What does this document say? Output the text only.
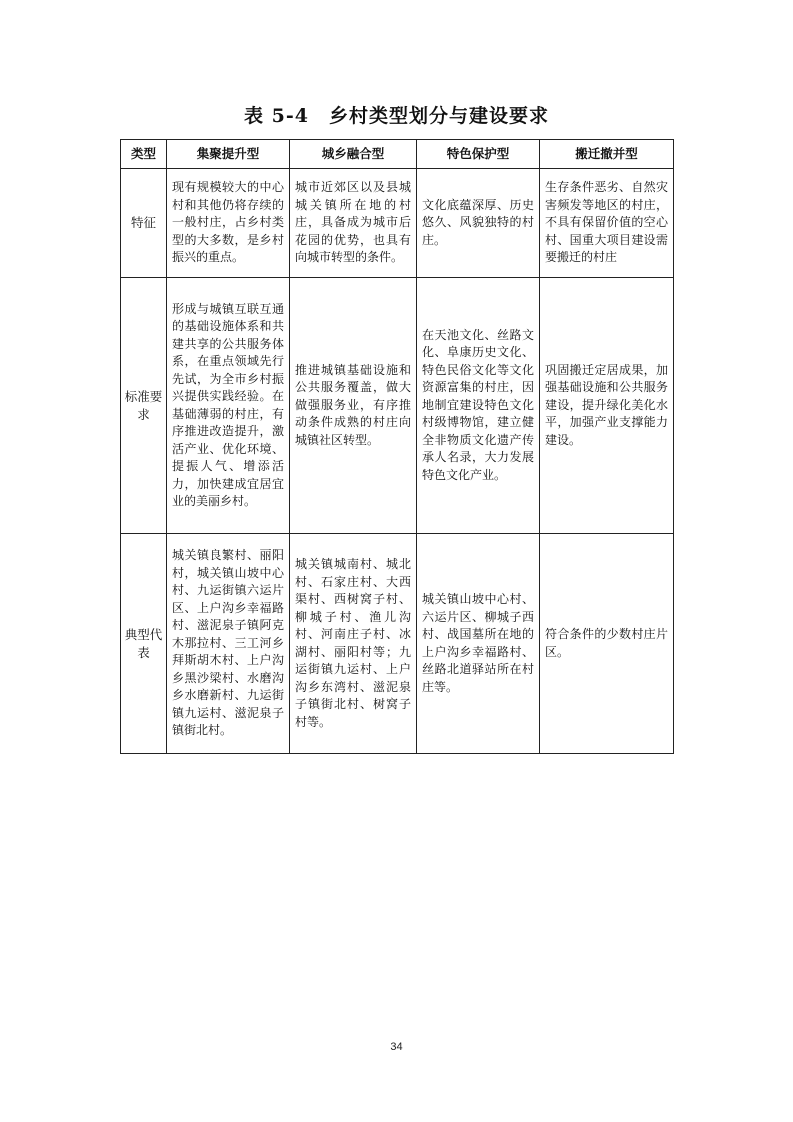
表 5-4　乡村类型划分与建设要求
类型	集聚提升型	城乡融合型	特色保护型	搬迁撤并型
特征	现有规模较大的中心村和其他仍将存续的一般村庄，占乡村类型的大多数，是乡村振兴的重点。	城市近郊区以及县城城关镇所在地的村庄，具备成为城市后花园的优势，也具有向城市转型的条件。	文化底蕴深厚、历史悠久、风貌独特的村庄。	生存条件恶劣、自然灾害频发等地区的村庄，不具有保留价值的空心村、国重大项目建设需要搬迁的村庄
标准要求	形成与城镇互联互通的基础设施体系和共建共享的公共服务体系，在重点领域先行先试，为全市乡村振兴提供实践经验。在基础薄弱的村庄，有序推进改造提升，激活产业、优化环境、提振人气、增添活力，加快建成宜居宜业的美丽乡村。	推进城镇基础设施和公共服务覆盖，做大做强服务业，有序推动条件成熟的村庄向城镇社区转型。	在天池文化、丝路文化、阜康历史文化、特色民俗文化等文化资源富集的村庄，因地制宜建设特色文化村级博物馆，建立健全非物质文化遗产传承人名录，大力发展特色文化产业。	巩固搬迁定居成果，加强基础设施和公共服务建设，提升绿化美化水平，加强产业支撑能力建设。
典型代表	城关镇良繁村、丽阳村，城关镇山坡中心村、九运街镇六运片区、上户沟乡幸福路村、滋泥泉子镇阿克木那拉村、三工河乡拜斯胡木村、上户沟乡黑沙梁村、水磨沟乡水磨新村、九运街镇九运村、滋泥泉子镇街北村。	城关镇城南村、城北村、石家庄村、大西渠村、西树窝子村、柳城子村、渔儿沟村、河南庄子村、冰湖村、丽阳村等；九运街镇九运村、上户沟乡东湾村、滋泥泉子镇街北村、树窝子村等。	城关镇山坡中心村、六运片区、柳城子西村、战国墓所在地的上户沟乡幸福路村、丝路北道驿站所在村庄等。	符合条件的少数村庄片区。
34
